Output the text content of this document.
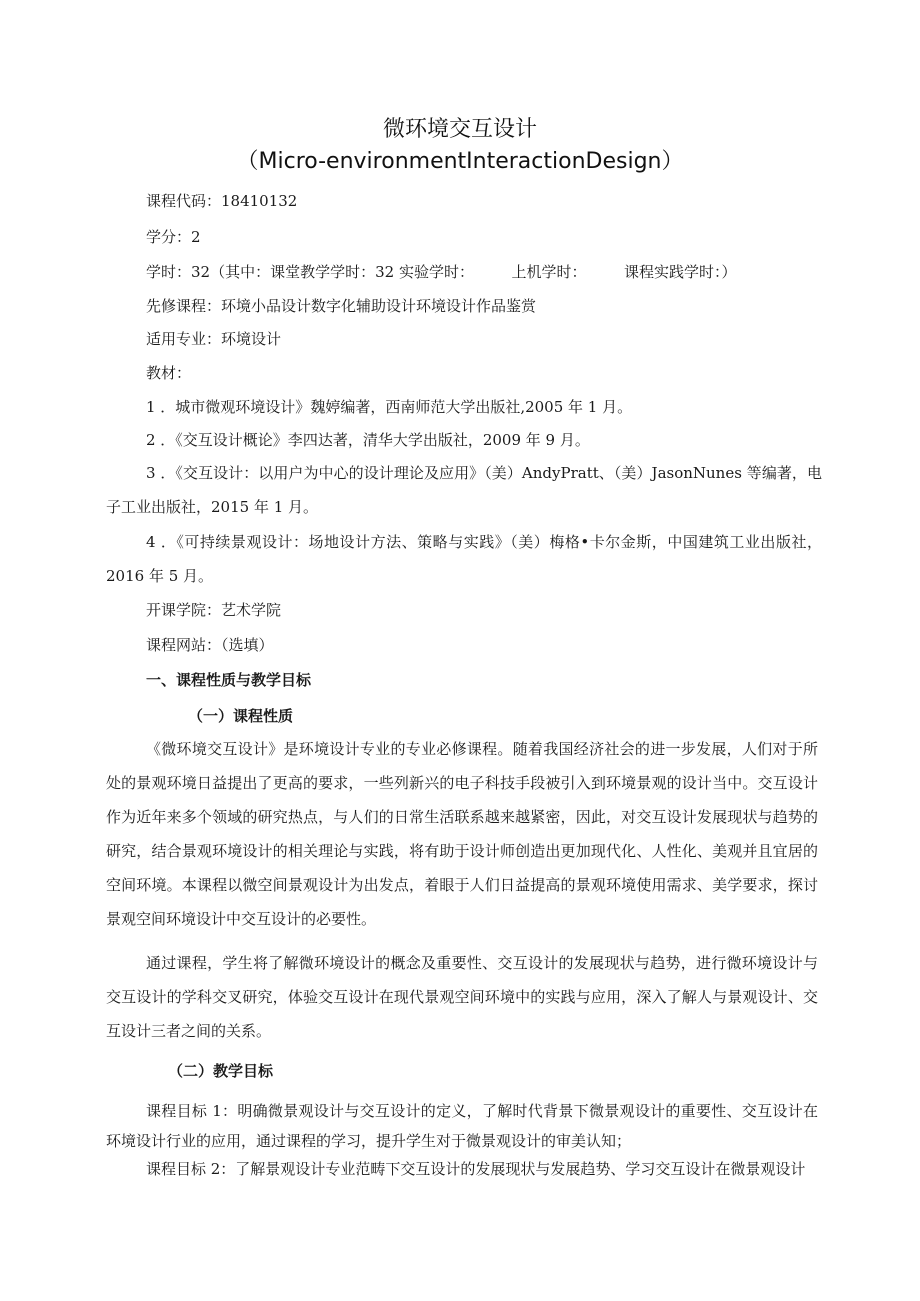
微环境交互设计
（Micro-environmentInteractionDesign）
课程代码：18410132
学分：2
学时：32（其中：课堂教学学时：32 实验学时：　　　上机学时：　　　课程实践学时：）
先修课程：环境小品设计数字化辅助设计环境设计作品鉴赏
适用专业：环境设计
教材：
1 ．城市微观环境设计》魏婷编著，西南师范大学出版社,2005 年 1 月。
2 ．《交互设计概论》李四达著，清华大学出版社，2009 年 9 月。
3 ．《交互设计：以用户为中心的设计理论及应用》（美）AndyPratt、（美）JasonNunes 等编著，电子工业出版社，2015 年 1 月。
4 ．《可持续景观设计：场地设计方法、策略与实践》（美）梅格•卡尔金斯，中国建筑工业出版社，2016 年 5 月。
开课学院：艺术学院
课程网站：（选填）
一、课程性质与教学目标
（一）课程性质
《微环境交互设计》是环境设计专业的专业必修课程。随着我国经济社会的进一步发展，人们对于所处的景观环境日益提出了更高的要求，一些列新兴的电子科技手段被引入到环境景观的设计当中。交互设计作为近年来多个领域的研究热点，与人们的日常生活联系越来越紧密，因此，对交互设计发展现状与趋势的研究，结合景观环境设计的相关理论与实践，将有助于设计师创造出更加现代化、人性化、美观并且宜居的空间环境。本课程以微空间景观设计为出发点，着眼于人们日益提高的景观环境使用需求、美学要求，探讨景观空间环境设计中交互设计的必要性。
通过课程，学生将了解微环境设计的概念及重要性、交互设计的发展现状与趋势，进行微环境设计与交互设计的学科交叉研究，体验交互设计在现代景观空间环境中的实践与应用，深入了解人与景观设计、交互设计三者之间的关系。
（二）教学目标
课程目标 1：明确微景观设计与交互设计的定义，了解时代背景下微景观设计的重要性、交互设计在环境设计行业的应用，通过课程的学习，提升学生对于微景观设计的审美认知；
课程目标 2：了解景观设计专业范畴下交互设计的发展现状与发展趋势、学习交互设计在微景观设计
